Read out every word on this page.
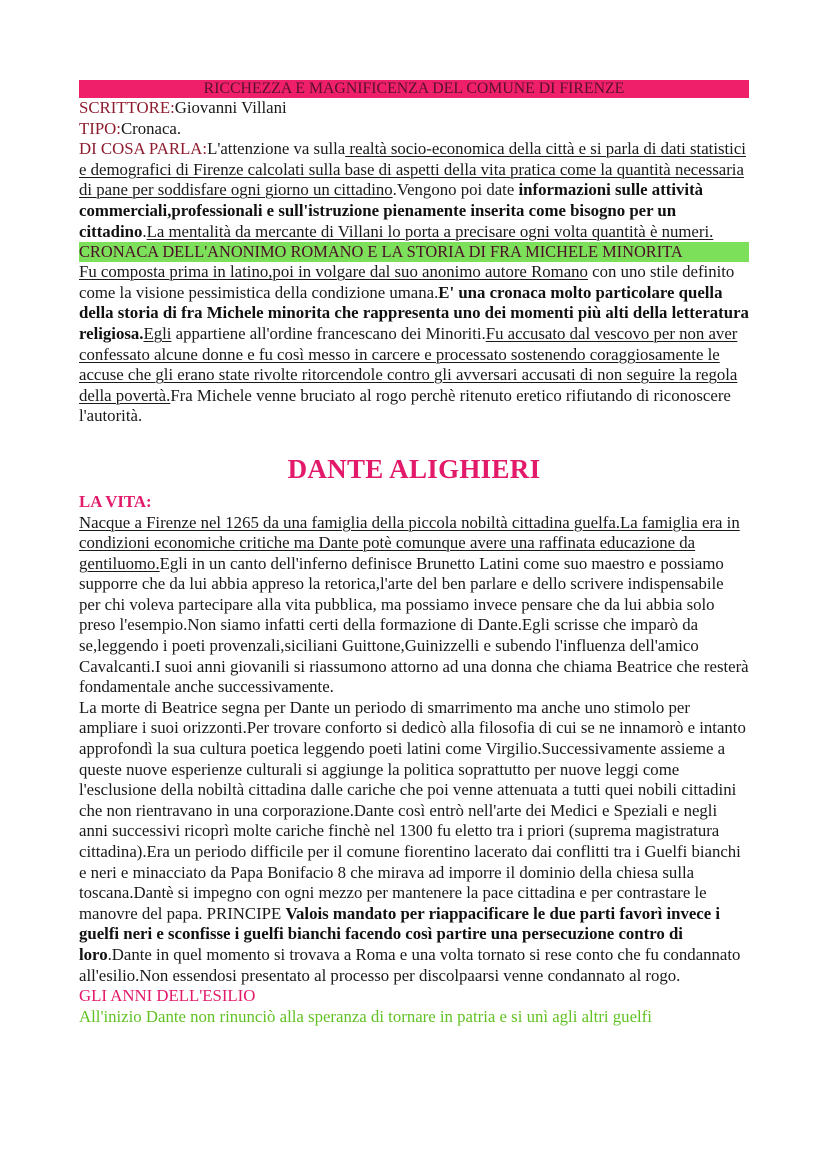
RICCHEZZA E MAGNIFICENZA DEL COMUNE DI FIRENZE

SCRITTORE:Giovanni Villani

TIPO:Cronaca.

DI COSA PARLA:L'attenzione va sulla realtà socio-economica della città e si parla di dati statistici e demografici di Firenze calcolati sulla base di aspetti della vita pratica come la quantità necessaria di pane per soddisfare ogni giorno un cittadino.Vengono poi date informazioni sulle attività commerciali,professionali e sull'istruzione pienamente inserita come bisogno per un cittadino.La mentalità da mercante di Villani lo porta a precisare ogni volta quantità è numeri.

CRONACA DELL'ANONIMO ROMANO E LA STORIA DI FRA MICHELE MINORITA

Fu composta prima in latino,poi in volgare dal suo anonimo autore Romano con uno stile definito come la visione pessimistica della condizione umana.E' una cronaca molto particolare quella della storia di fra Michele minorita che rappresenta uno dei momenti più alti della letteratura religiosa.Egli appartiene all'ordine francescano dei Minoriti.Fu accusato dal vescovo per non aver confessato alcune donne e fu così messo in carcere e processato sostenendo coraggiosamente le accuse che gli erano state rivolte ritorcendole contro gli avversari accusati di non seguire la regola della povertà.Fra Michele venne bruciato al rogo perchè ritenuto eretico rifiutando di riconoscere l'autorità.

DANTE ALIGHIERI
LA VITA:

Nacque a Firenze nel 1265 da una famiglia della piccola nobiltà cittadina guelfa.La famiglia era in condizioni economiche critiche ma Dante potè comunque avere una raffinata educazione da gentiluomo.Egli in un canto dell'inferno definisce Brunetto Latini come suo maestro e possiamo supporre che da lui abbia appreso la retorica,l'arte del ben parlare e dello scrivere indispensabile per chi voleva partecipare alla vita pubblica, ma possiamo invece pensare che da lui abbia solo preso l'esempio.Non siamo infatti certi della formazione di Dante.Egli scrisse che imparò da se,leggendo i poeti provenzali,siciliani Guittone,Guinizzelli e subendo l'influenza dell'amico Cavalcanti.I suoi anni giovanili si riassumono attorno ad una donna che chiama Beatrice che resterà fondamentale anche successivamente.

La morte di Beatrice segna per Dante un periodo di smarrimento ma anche uno stimolo per ampliare i suoi orizzonti.Per trovare conforto si dedicò alla filosofia di cui se ne innamorò e intanto approfondì la sua cultura poetica leggendo poeti latini come Virgilio.Successivamente assieme a queste nuove esperienze culturali si aggiunge la politica soprattutto per nuove leggi come l'esclusione della nobiltà cittadina dalle cariche che poi venne attenuata a tutti quei nobili cittadini che non rientravano in una corporazione.Dante così entrò nell'arte dei Medici e Speziali e negli anni successivi ricoprì molte cariche finchè nel 1300 fu eletto tra i priori (suprema magistratura cittadina).Era un periodo difficile per il comune fiorentino lacerato dai conflitti tra i Guelfi bianchi e neri e minacciato da Papa Bonifacio 8 che mirava ad imporre il dominio della chiesa sulla toscana.Dantè si impegno con ogni mezzo per mantenere la pace cittadina e per contrastare le manovre del papa. PRINCIPE Valois mandato per riappacificare le due parti favorì invece i guelfi neri e sconfisse i guelfi bianchi facendo così partire una persecuzione contro di loro.Dante in quel momento si trovava a Roma e una volta tornato si rese conto che fu condannato all'esilio.Non essendosi presentato al processo per discolpaarsi venne condannato al rogo.

GLI ANNI DELL'ESILIO

All'inizio Dante non rinunciò alla speranza di tornare in patria e si unì agli altri guelfi
